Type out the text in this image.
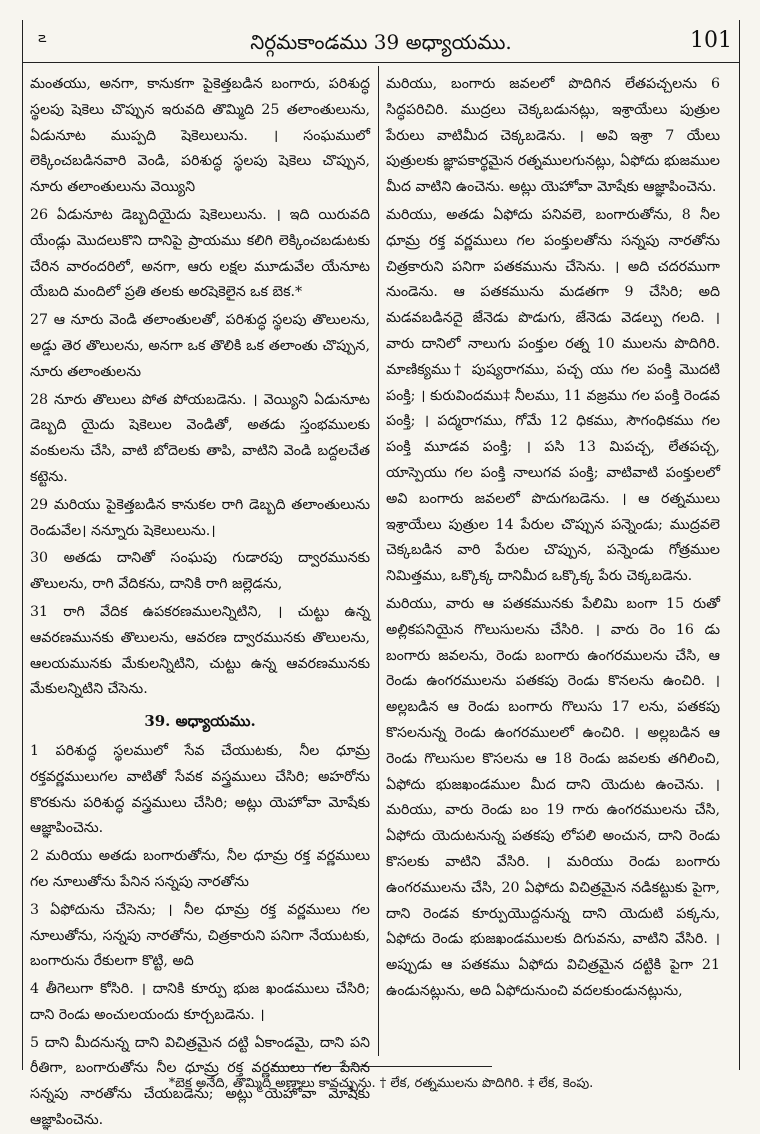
౽	నిర్గమకాండము 39 అధ్యాయము.	101

మంతయు, అనగా, కానుకగా పైకెత్తబడిన బంగారు, పరిశుద్ధ స్థలపు షెకెలు చొప్పున ఇరువది తొమ్మిది 25 తలాంతులును, ఏడునూట ముప్పది షెకెలులును. । సంఘములో లెక్కించబడినవారి వెండి, పరిశుద్ధ స్థలపు షెకెలు చొప్పున, నూరు తలాంతులును వెయ్యిని

26 ఏడునూట డెబ్బదియైదు షెకెలులును. । ఇది యిరువది యేండ్లు మొదలుకొని దానిపై ప్రాయము కలిగి లెక్కించబడుటకు చేరిన వారందరిలో, అనగా, ఆరు లక్షల మూడువేల యేనూట యేబది మందిలో ప్రతి తలకు అరషెకెలైన ఒక బెక.*

27 ఆ నూరు వెండి తలాంతులతో, పరిశుద్ధ స్థలపు తొలులను, అడ్డు తెర తొలులను, అనగా ఒక తొలికి ఒక తలాంతు చొప్పున, నూరు తలాంతులను

28 నూరు తొలులు పోత పోయబడెను. । వెయ్యిని ఏడునూట డెబ్బది యైదు షెకెలుల వెండితో, అతడు స్తంభములకు వంకులను చేసి, వాటి బోదెలకు తాపి, వాటిని వెండి బద్దలచేత కట్టెను.

29 మరియు పైకెత్తబడిన కానుకల రాగి డెబ్బది తలాంతులును రెండువేల। నన్నూరు షెకెలులును.।

30 అతడు దానితో సంఘపు గుడారపు ద్వారమునకు తొలులను, రాగి వేదికను, దానికి రాగి జల్లెడను,

31 రాగి వేదిక ఉపకరణములన్నిటిని, । చుట్టు ఉన్న ఆవరణమునకు తొలులను, ఆవరణ ద్వారమునకు తొలులను, ఆలయమునకు మేకులన్నిటిని, చుట్టు ఉన్న ఆవరణమునకు మేకులన్నిటిని చేసెను.

39. అధ్యాయము.

1 పరిశుద్ధ స్థలములో సేవ చేయుటకు, నీల ధూమ్ర రక్తవర్ణములుగల వాటితో సేవక వస్త్రములు చేసిరి; అహరోను కొరకును పరిశుద్ధ వస్త్రములు చేసిరి; అట్లు యెహోవా మోషేకు ఆజ్ఞాపించెను.

2 మరియు అతడు బంగారుతోను, నీల ధూమ్ర రక్త వర్ణములు గల నూలుతోను పేనిన సన్నపు నారతోను

3 ఏఫోదును చేసెను; । నీల ధూమ్ర రక్త వర్ణములు గల నూలుతోను, సన్నపు నారతోను, చిత్రకారుని పనిగా నేయుటకు, బంగారును రేకులగా కొట్టి, అది

4 తీగెలుగా కోసిరి. । దానికి కూర్పు భుజ ఖండములు చేసిరి; దాని రెండు అంచులయందు కూర్చబడెను. ।

5 దాని మీదనున్న దాని విచిత్రమైన దట్టి ఏకాండమై, దాని పని రీతిగా, బంగారుతోను నీల ధూమ్ర రక్త వర్ణములు గల పేనిన సన్నపు నారతోను చేయబడెను; అట్లు యెహోవా మోషేకు ఆజ్ఞాపించెను.

మరియు, బంగారు జవలలో పొదిగిన లేతపచ్చలను 6 సిద్ధపరిచిరి. ముద్రలు చెక్కబడునట్లు, ఇశ్రాయేలు పుత్రుల పేరులు వాటిమీద చెక్కబడెను. । అవి ఇశ్రా 7 యేలు పుత్రులకు జ్ఞాపకార్థమైన రత్నములగునట్లు, ఏఫోదు భుజముల మీద వాటిని ఉంచెను. అట్లు యెహోవా మోషేకు ఆజ్ఞాపించెను.

మరియు, అతడు ఏఫోదు పనివలె, బంగారుతోను, 8 నీల ధూమ్ర రక్త వర్ణములు గల పంక్తులతోను సన్నపు నారతోను చిత్రకారుని పనిగా పతకమును చేసెను. । అది చదరముగా నుండెను. ఆ పతకమును మడతగా 9 చేసిరి; అది మడవబడినదై జేనెడు పొడుగు, జేనెడు వెడల్పు గలది. । వారు దానిలో నాలుగు పంక్తుల రత్న 10 ములను పొదిగిరి. మాణిక్యము† పుష్యరాగము, పచ్చ యు గల పంక్తి మొదటి పంక్తి; । కురువిందము‡ నీలము, 11 వజ్రము గల పంక్తి రెండవ పంక్తి; । పద్మరాగము, గోమే 12 ధికము, సౌగంధికము గల పంక్తి మూడవ పంక్తి; । పసి 13 మిపచ్చ, లేతపచ్చ, యాస్పెయు గల పంక్తి నాలుగవ పంక్తి; వాటివాటి పంక్తులలో అవి బంగారు జవలలో పొదుగబడెను. । ఆ రత్నములు ఇశ్రాయేలు పుత్రుల 14 పేరుల చొప్పున పన్నెండు; ముద్రవలె చెక్కబడిన వారి పేరుల చొప్పున, పన్నెండు గోత్రముల నిమిత్తము, ఒక్కొక్క దానిమీద ఒక్కొక్క పేరు చెక్కబడెను.

మరియు, వారు ఆ పతకమునకు పేలిమి బంగా 15 రుతో అల్లికపనియైన గొలుసులను చేసిరి. । వారు రెం 16 డు బంగారు జవలను, రెండు బంగారు ఉంగరములను చేసి, ఆ రెండు ఉంగరములను పతకపు రెండు కొనలను ఉంచిరి. । అల్లబడిన ఆ రెండు బంగారు గొలుసు 17 లను, పతకపు కొసలనున్న రెండు ఉంగరములలో ఉంచిరి. । అల్లబడిన ఆ రెండు గొలుసుల కొసలను ఆ 18 రెండు జవలకు తగిలించి, ఏఫోదు భుజఖండముల మీద దాని యెదుట ఉంచెను. । మరియు, వారు రెండు బం 19 గారు ఉంగరములను చేసి, ఏఫోదు యెదుటనున్న పతకపు లోపలి అంచున, దాని రెండు కొసలకు వాటిని వేసిరి. । మరియు రెండు బంగారు ఉంగరములను చేసి, 20 ఏఫోదు విచిత్రమైన నడికట్టుకు పైగా, దాని రెండవ కూర్పుయొద్దనున్న దాని యెదుటి పక్కను, ఏఫోదు రెండు భుజఖండములకు దిగువను, వాటిని వేసిరి. । అప్పుడు ఆ పతకము ఏఫోదు విచిత్రమైన దట్టికి పైగా 21 ఉండునట్లును, అది ఏఫోదునుంచి వదలకుండునట్లును,

*బెక అనేది, తొమ్మిది అణాలు కావచ్చును. † లేక, రత్నములను పొదిగిరి. ‡ లేక, కెంపు.
